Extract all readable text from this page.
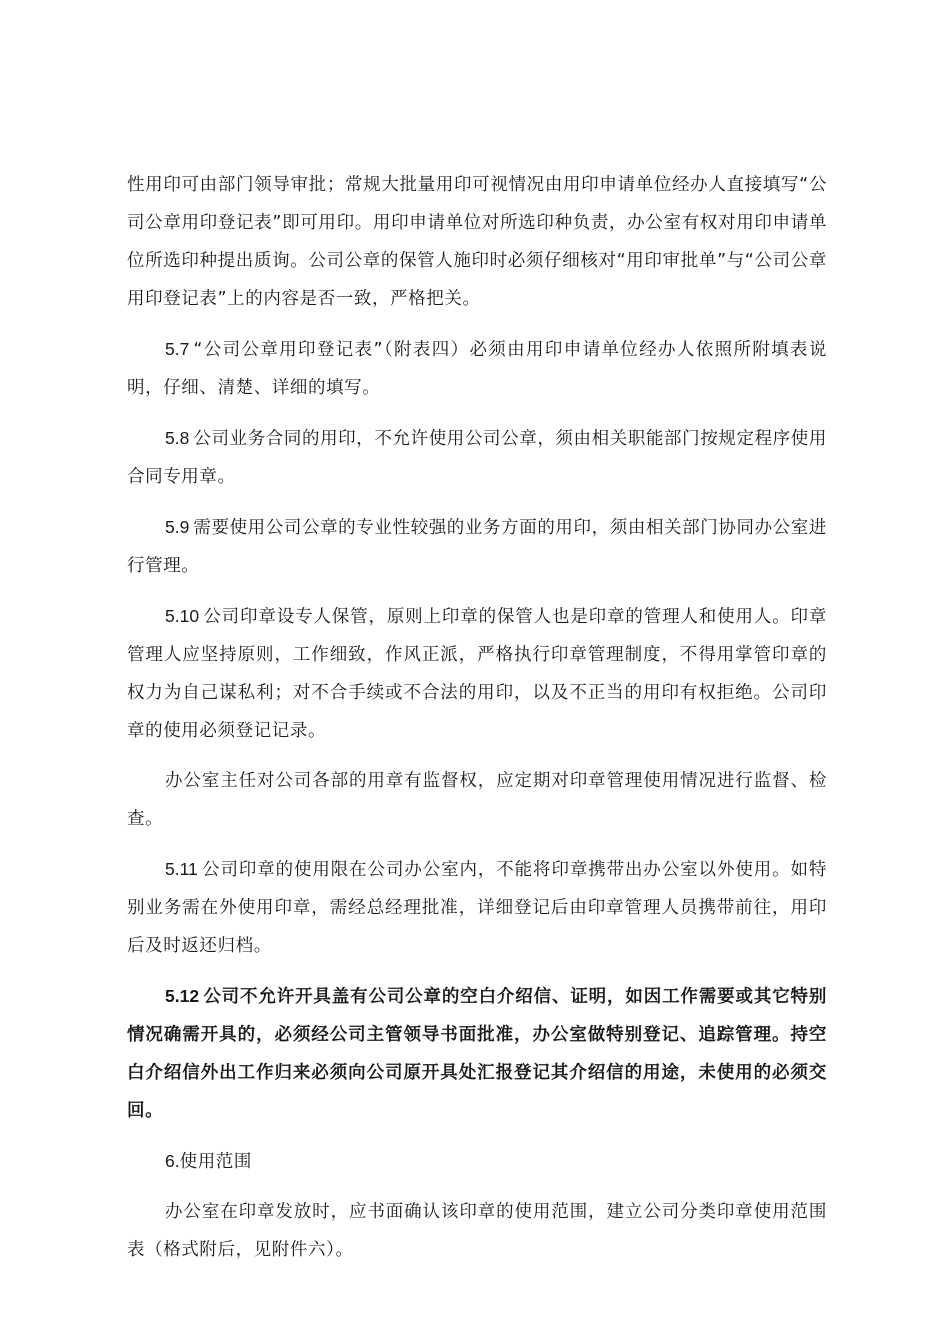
性用印可由部门领导审批；常规大批量用印可视情况由用印申请单位经办人直接填写“公司公章用印登记表”即可用印。用印申请单位对所选印种负责，办公室有权对用印申请单位所选印种提出质询。公司公章的保管人施印时必须仔细核对“用印审批单”与“公司公章用印登记表”上的内容是否一致，严格把关。

5.7 “公司公章用印登记表”（附表四）必须由用印申请单位经办人依照所附填表说明，仔细、清楚、详细的填写。

5.8 公司业务合同的用印，不允许使用公司公章，须由相关职能部门按规定程序使用合同专用章。

5.9 需要使用公司公章的专业性较强的业务方面的用印，须由相关部门协同办公室进行管理。

5.10 公司印章设专人保管，原则上印章的保管人也是印章的管理人和使用人。印章管理人应坚持原则，工作细致，作风正派，严格执行印章管理制度，不得用掌管印章的权力为自己谋私利；对不合手续或不合法的用印，以及不正当的用印有权拒绝。公司印章的使用必须登记记录。

办公室主任对公司各部的用章有监督权，应定期对印章管理使用情况进行监督、检查。

5.11 公司印章的使用限在公司办公室内，不能将印章携带出办公室以外使用。如特别业务需在外使用印章，需经总经理批准，详细登记后由印章管理人员携带前往，用印后及时返还归档。

5.12 公司不允许开具盖有公司公章的空白介绍信、证明，如因工作需要或其它特别情况确需开具的，必须经公司主管领导书面批准，办公室做特别登记、追踪管理。持空白介绍信外出工作归来必须向公司原开具处汇报登记其介绍信的用途，未使用的必须交回。

6.使用范围

办公室在印章发放时，应书面确认该印章的使用范围，建立公司分类印章使用范围表（格式附后，见附件六）。
